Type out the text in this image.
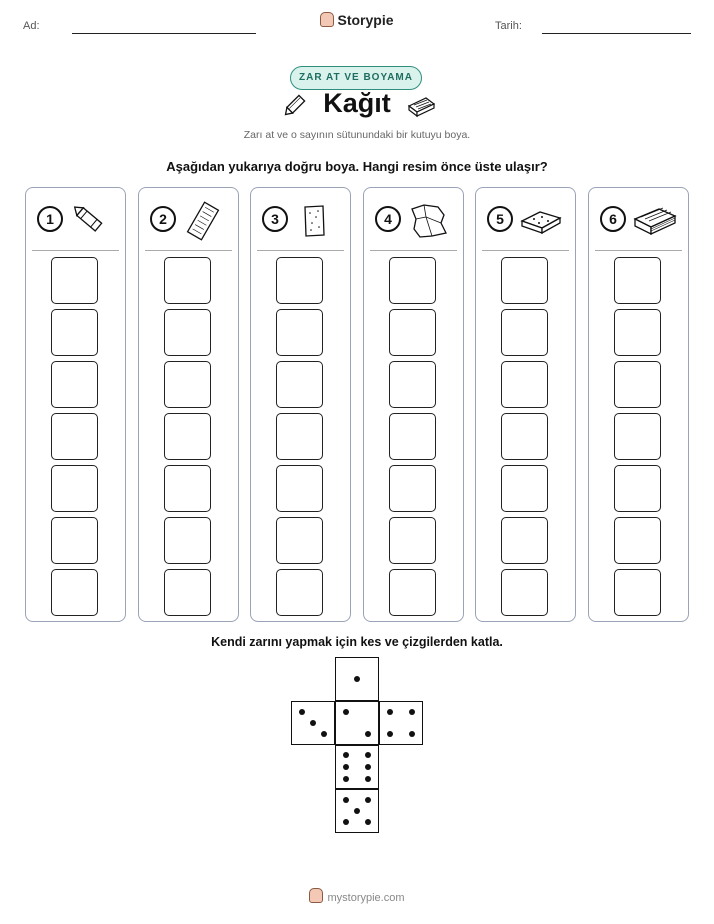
Ad:	Storypie	Tarih:
ZAR AT VE BOYAMA
Kağıt
Zarı at ve o sayının sütunundaki bir kutuyu boya.
Aşağıdan yukarıya doğru boya. Hangi resim önce üste ulaşır?
1	2	3	4	5	6
Kendi zarını yapmak için kes ve çizgilerden katla.
mystorypie.com
